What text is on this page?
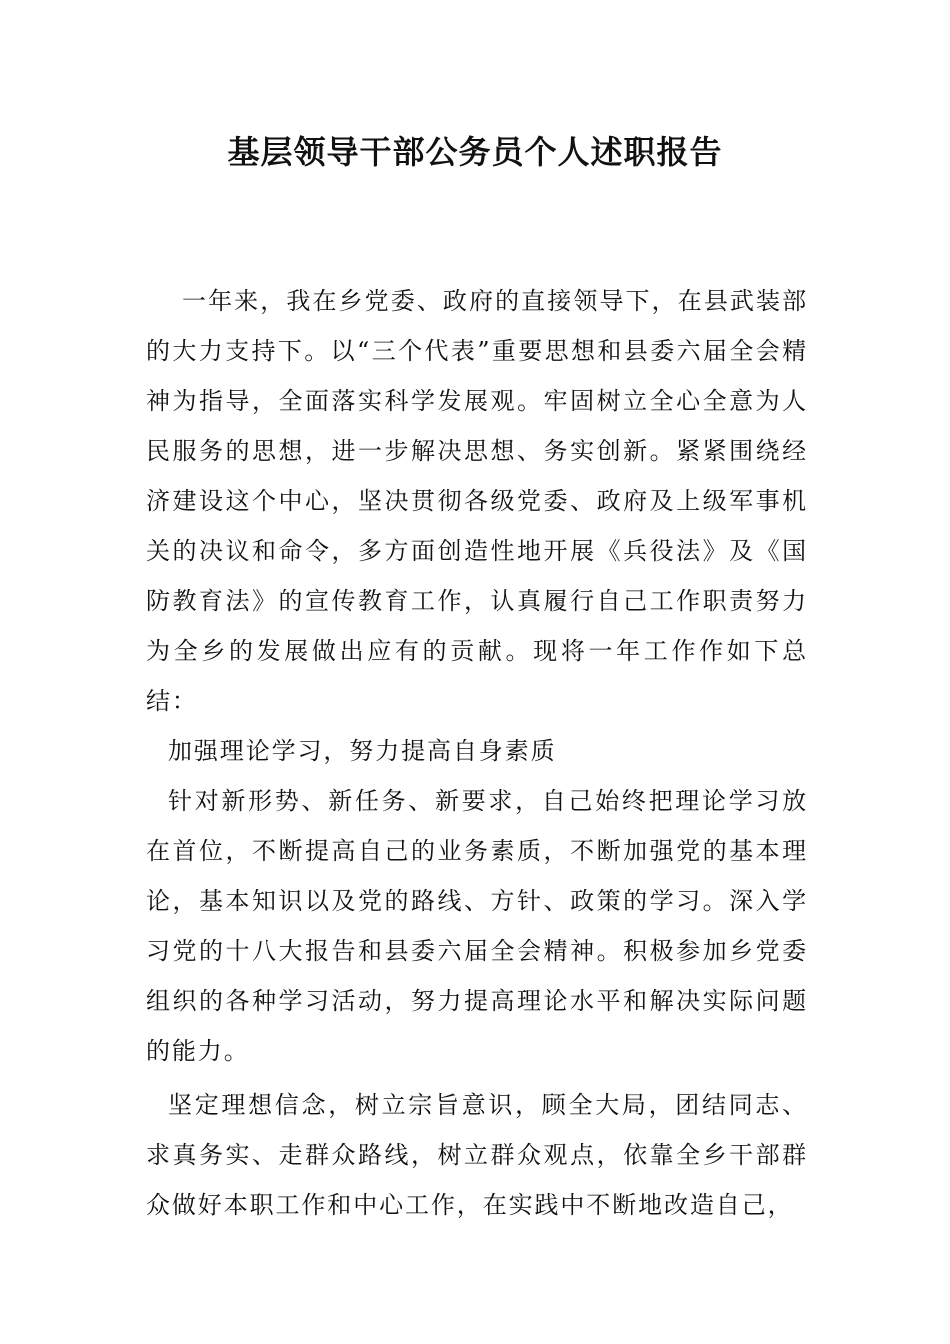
基层领导干部公务员个人述职报告

一年来，我在乡党委、政府的直接领导下，在县武装部的大力支持下。以“三个代表”重要思想和县委六届全会精神为指导，全面落实科学发展观。牢固树立全心全意为人民服务的思想，进一步解决思想、务实创新。紧紧围绕经济建设这个中心，坚决贯彻各级党委、政府及上级军事机关的决议和命令，多方面创造性地开展《兵役法》及《国防教育法》的宣传教育工作，认真履行自己工作职责努力为全乡的发展做出应有的贡献。现将一年工作作如下总结：

加强理论学习，努力提高自身素质

针对新形势、新任务、新要求，自己始终把理论学习放在首位，不断提高自己的业务素质，不断加强党的基本理论，基本知识以及党的路线、方针、政策的学习。深入学习党的十八大报告和县委六届全会精神。积极参加乡党委组织的各种学习活动，努力提高理论水平和解决实际问题的能力。

坚定理想信念，树立宗旨意识，顾全大局，团结同志、求真务实、走群众路线，树立群众观点，依靠全乡干部群众做好本职工作和中心工作，在实践中不断地改造自己，
